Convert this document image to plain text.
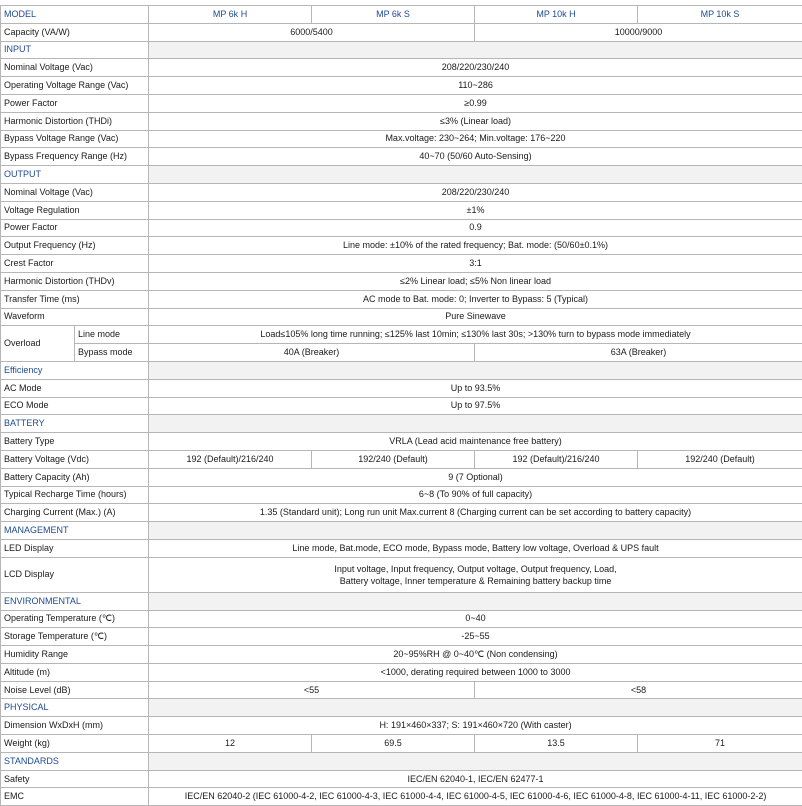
MODEL		MP 6k H	MP 6k S	MP 10k H	MP 10k S
Capacity (VA/W)		6000/5400		10000/9000	
INPUT					
Nominal Voltage (Vac)		208/220/230/240			
Operating Voltage Range (Vac)		110~286			
Power Factor		≥0.99			
Harmonic Distortion (THDi)		≤3% (Linear load)			
Bypass Voltage Range (Vac)		Max.voltage: 230~264; Min.voltage: 176~220			
Bypass Frequency Range (Hz)		40~70 (50/60 Auto-Sensing)			
OUTPUT					
Nominal Voltage (Vac)		208/220/230/240			
Voltage Regulation		±1%			
Power Factor		0.9			
Output Frequency (Hz)		Line mode: ±10% of the rated frequency; Bat. mode: (50/60±0.1%)			
Crest Factor		3:1			
Harmonic Distortion (THDv)		≤2% Linear load; ≤5% Non linear load			
Transfer Time (ms)		AC mode to Bat. mode: 0; Inverter to Bypass: 5 (Typical)			
Waveform		Pure Sinewave			
Overload	Line mode	Load≤105% long time running; ≤125% last 10min; ≤130% last 30s; >130% turn to bypass mode immediately			
	Bypass mode	40A (Breaker)		63A (Breaker)	
Efficiency					
AC Mode		Up to 93.5%			
ECO Mode		Up to 97.5%			
BATTERY					
Battery Type		VRLA (Lead acid maintenance free battery)			
Battery Voltage (Vdc)		192 (Default)/216/240	192/240 (Default)	192 (Default)/216/240	192/240 (Default)
Battery Capacity (Ah)		9 (7 Optional)			
Typical Recharge Time (hours)		6~8 (To 90% of full capacity)			
Charging Current (Max.) (A)		1.35 (Standard unit); Long run unit Max.current 8 (Charging current can be set according to battery capacity)			
MANAGEMENT					
LED Display		Line mode, Bat.mode, ECO mode, Bypass mode, Battery low voltage, Overload & UPS fault			
LCD Display		Input voltage, Input frequency, Output voltage, Output frequency, Load,
Battery voltage, Inner temperature & Remaining battery backup time			

ENVIRONMENTAL					
Operating Temperature (℃)		0~40			
Storage Temperature (℃)		-25~55			
Humidity Range		20~95%RH @ 0~40℃ (Non condensing)			
Altitude (m)		<1000, derating required between 1000 to 3000			
Noise Level (dB)		<55		<58	
PHYSICAL					
Dimension WxDxH (mm)		H: 191×460×337; S: 191×460×720 (With caster)			
Weight (kg)		12	69.5	13.5	71
STANDARDS					
Safety		IEC/EN 62040-1, IEC/EN 62477-1			
EMC		IEC/EN 62040-2 (IEC 61000-4-2, IEC 61000-4-3, IEC 61000-4-4, IEC 61000-4-5, IEC 61000-4-6, IEC 61000-4-8, IEC 61000-4-11, IEC 61000-2-2)			
